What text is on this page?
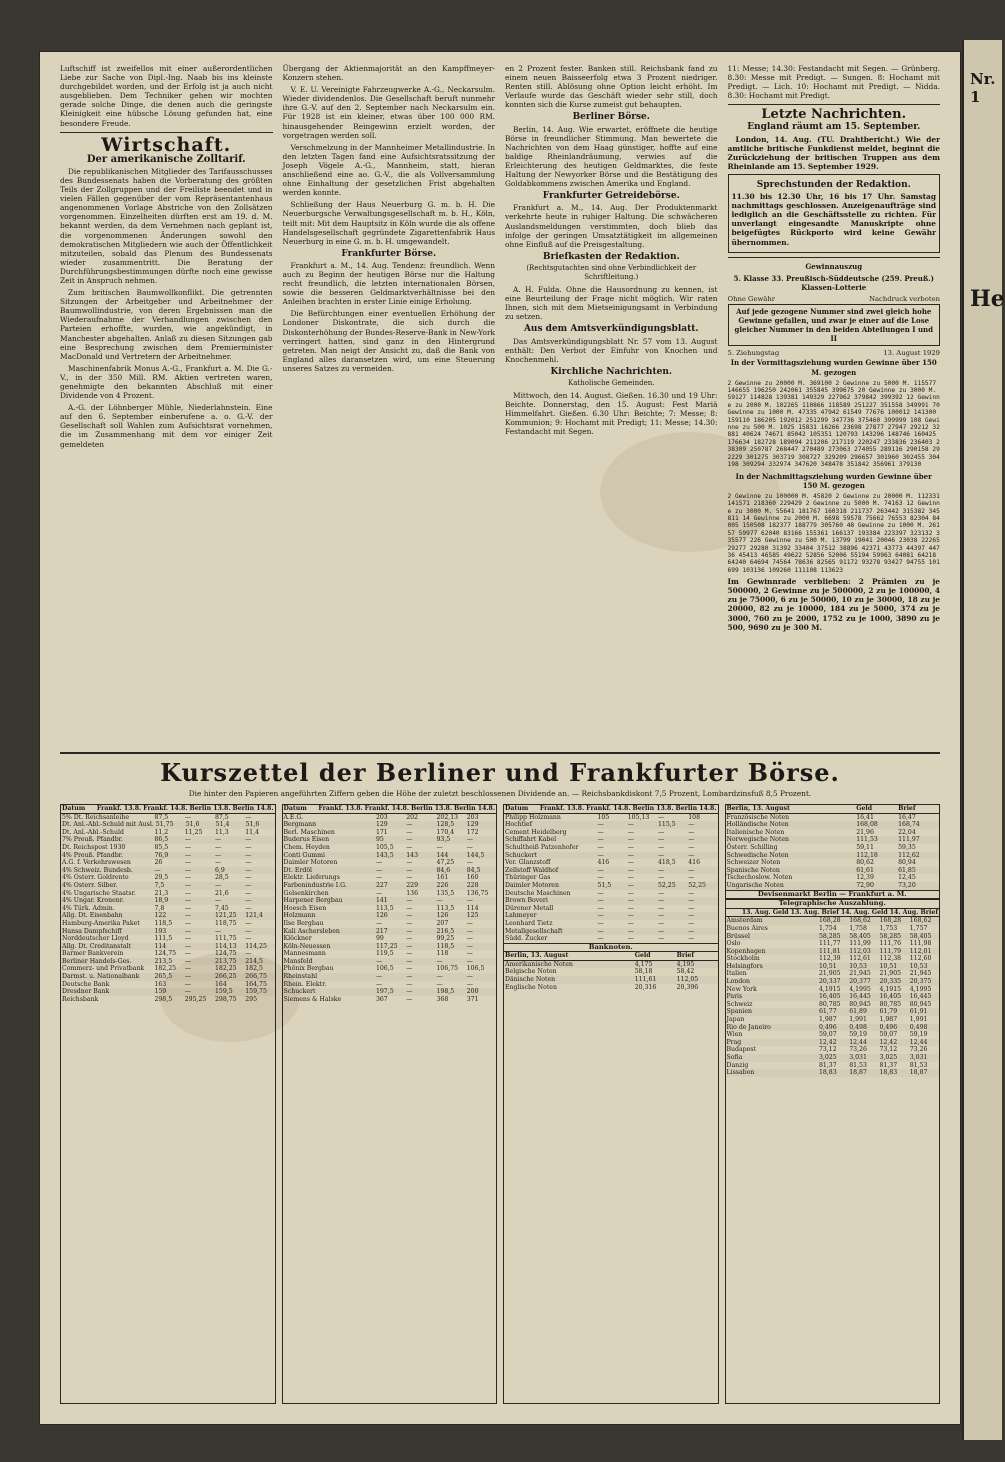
Luftschiff ist zweifellos mit einer außerordentlichen Liebe zur Sache von Dipl.-Ing. Naab bis ins kleinste durchgebildet worden, und der Erfolg ist ja auch nicht ausgeblieben. Dem Techniker gehen wir mochten gerade solche Dinge, die denen auch die geringste Kleinigkeit eine hübsche Lösung gefunden hat, eine besondere Freude.

Wirtschaft.
Der amerikanische Zolltarif.

Die republikanischen Mitglieder des Tarifausschusses des Bundessenats haben die Vorberatung des größten Teils der Zollgruppen und der Freiliste beendet und in vielen Fällen gegenüber der vom Repräsentantenhaus angenommenen Vorlage Abstriche von den Zollsätzen vorgenommen. Einzelheiten dürften erst am 19. d. M. bekannt werden, da dem Vernehmen nach geplant ist, die vorgenommenen Änderungen sowohl den demokratischen Mitgliedern wie auch der Öffentlichkeit mitzuteilen, sobald das Plenum des Bundessenats wieder zusammentritt. Die Beratung der Durchführungsbestimmungen dürfte noch eine gewisse Zeit in Anspruch nehmen.

Zum britischen Baumwollkonflikt. Die getrennten Sitzungen der Arbeitgeber und Arbeitnehmer der Baumwollindustrie, von deren Ergebnissen man die Wiederaufnahme der Verhandlungen zwischen den Parteien erhoffte, wurden, wie angekündigt, in Manchester abgehalten. Anlaß zu diesen Sitzungen gab eine Besprechung zwischen dem Premierminister MacDonald und Vertretern der Arbeitnehmer.

Maschinenfabrik Monus A.-G., Frankfurt a. M. Die G.-V., in der 350 Mill. RM. Aktien vertreten waren, genehmigte den bekannten Abschluß mit einer Dividende von 4 Prozent.

A.-G. der Löhnberger Mühle, Niederlahnstein. Eine auf den 6. September einberufene a. o. G.-V. der Gesellschaft soll Wahlen zum Aufsichtsrat vornehmen, die im Zusammenhang mit dem vor einiger Zeit gemeldeten

Übergang der Aktienmajorität an den Kampffmeyer-Konzern stehen.

V. E. U. Vereinigte Fahrzeugwerke A.-G., Neckarsulm. Wieder dividendenlos. Die Gesellschaft beruft nunmehr ihre G.-V. auf den 2. September nach Neckarsulm ein. Für 1928 ist ein kleiner, etwas über 100 000 RM. hinausgehender Reingewinn erzielt worden, der vorgetragen werden soll.

Verschmelzung in der Mannheimer Metallindustrie. In den letzten Tagen fand eine Aufsichtsratssitzung der Joseph Vögele A.-G., Mannheim, statt, hieran anschließend eine ao. G.-V., die als Vollversammlung ohne Einhaltung der gesetzlichen Frist abgehalten werden konnte.

Schließung der Haus Neuerburg G. m. b. H. Die Neuerburgsche Verwaltungsgesellschaft m. b. H., Köln, teilt mit: Mit dem Hauptsitz in Köln wurde die als offene Handelsgesellschaft gegründete Zigarettenfabrik Haus Neuerburg in eine G. m. b. H. umgewandelt.

Frankfurter Börse.

Frankfurt a. M., 14. Aug. Tendenz: freundlich. Wenn auch zu Beginn der heutigen Börse nur die Haltung recht freundlich, die letzten internationalen Börsen, sowie die besseren Geldmarktverhältnisse bei den Anleihen brachten in erster Linie einige Erholung.

Die Befürchtungen einer eventuellen Erhöhung der Londoner Diskontrate, die sich durch die Diskonterhöhung der Bundes-Reserve-Bank in New-York verringert hatten, sind ganz in den Hintergrund getreten. Man neigt der Ansicht zu, daß die Bank von England alles daransetzen wird, um eine Steuerung unseres Satzes zu vermeiden.

en 2 Prozent fester. Banken still. Reichsbank fand zu einem neuen Baisseerfolg etwa 3 Prozent niedriger. Renten still. Ablösung ohne Option leicht erhöht. Im Verlaufe wurde das Geschäft wieder sehr still, doch konnten sich die Kurse zumeist gut behaupten.

Berliner Börse.

Berlin, 14. Aug. Wie erwartet, eröffnete die heutige Börse in freundlicher Stimmung. Man bewertete die Nachrichten von dem Haag günstiger, hoffte auf eine baldige Rheinlandräumung, verwies auf die Erleichterung des heutigen Geldmarktes, die feste Haltung der Newyorker Börse und die Bestätigung des Goldabkommens zwischen Amerika und England.

Frankfurter Getreidebörse.

Frankfurt a. M., 14. Aug. Der Produktenmarkt verkehrte heute in ruhiger Haltung. Die schwächeren Auslandsmeldungen verstimmten, doch blieb das infolge der geringen Umsatztätigkeit im allgemeinen ohne Einfluß auf die Preisgestaltung.

Briefkasten der Redaktion.
(Rechtsgutachten sind ohne Verbindlichkeit der Schriftleitung.)

A. H. Fulda. Ohne die Hausordnung zu kennen, ist eine Beurteilung der Frage nicht möglich. Wir raten Ihnen, sich mit dem Mietseinigungsamt in Verbindung zu setzen.

Aus dem Amtsverkündigungsblatt.

Das Amtsverkündigungsblatt Nr. 57 vom 13. August enthält: Den Verbot der Einfuhr von Knochen und Knochenmehl.

Kirchliche Nachrichten.
Katholische Gemeinden.

Mittwoch, den 14. August. Gießen. 16.30 und 19 Uhr: Beichte. Donnerstag, den 15. August: Fest Mariä Himmelfahrt. Gießen. 6.30 Uhr: Beichte; 7: Messe; 8: Kommunion; 9: Hochamt mit Predigt; 11: Messe; 14.30: Festandacht mit Segen.

11: Messe; 14.30: Festandacht mit Segen. — Grünberg. 8.30: Messe mit Predigt. — Sungen. 8: Hochamt mit Predigt. — Lich. 10: Hochamt mit Predigt. — Nidda. 8.30: Hochamt mit Predigt.

Letzte Nachrichten.
England räumt am 15. September.

London, 14. Aug. (TU. Drahtbericht.) Wie der amtliche britische Funkdienst meldet, beginnt die Zurückziehung der britischen Truppen aus dem Rheinlande am 15. September 1929.

Sprechstunden der Redaktion.

11.30 bis 12.30 Uhr, 16 bis 17 Uhr. Samstag nachmittags geschlossen. Anzeigenaufträge sind lediglich an die Geschäftsstelle zu richten. Für unverlangt eingesandte Manuskripte ohne beigefügtes Rückporto wird keine Gewähr übernommen.

Gewinnauszug
5. Klasse 33. Preußisch-Süddeutsche (259. Preuß.) Klassen-Lotterie
Ohne Gewähr	Nachdruck verboten
Auf jede gezogene Nummer sind zwei gleich hohe Gewinne gefallen, und zwar je einer auf die Lose gleicher Nummer in den beiden Abteilungen I und II
5. Ziehungstag	13. August 1929
In der Vormittagsziehung wurden Gewinne über 150 M. gezogen
2 Gewinne zu 20000 M. 369100 2 Gewinne zu 5000 M. 115577 146655 196250 242061 355845 399675 20 Gewinne zu 3000 M. 59127 114828 139381 149329 227962 379842 399392 12 Gewinne zu 2000 M. 102265 110866 118589 251227 351558 349991 70 Gewinne zu 1000 M. 47335 47942 61549 77676 100012 141300 159110 186205 192012 251299 347736 375460 399999 108 Gewinne zu 500 M. 1025 15831 16266 23698 27877 27947 29212 32881 40624 74671 85042 105351 120793 143296 148746 160425 176634 182728 189094 211206 217119 220247 233836 236403 238309 250787 268447 270489 273063 274055 289116 290158 292229 301275 303719 308727 329209 296657 301960 302455 304198 309294 332974 347620 348478 351842 356961 379130
In der Nachmittagsziehung wurden Gewinne über 150 M. gezogen
2 Gewinne zu 100000 M. 45820 2 Gewinne zu 20000 M. 112331 141571 218360 229429 2 Gewinne zu 5000 M. 74163 12 Gewinne zu 3000 M. 55641 181767 160318 211737 263442 315382 345811 14 Gewinne zu 2000 M. 6698 59578 75662 76553 82304 84005 150508 182377 188779 305760 48 Gewinne zu 1000 M. 26157 59977 62040 83166 155361 166137 193384 223397 323132 335577 226 Gewinne zu 500 M. 13799 19041 20046 23038 22265 29277 29280 31392 33404 37512 38896 42371 43773 44397 44736 45413 46585 49622 52856 52006 55194 59963 64081 64218 64240 64694 74564 78636 82565 91172 93278 93427 94755 101699 103136 109260 111108 113623

Im Gewinnrade verblieben: 2 Prämien zu je 500000, 2 Gewinne zu je 500000, 2 zu je 100000, 4 zu je 75000, 6 zu je 50000, 10 zu je 30000, 18 zu je 20000, 82 zu je 10000, 184 zu je 5000, 374 zu je 3000, 760 zu je 2000, 1752 zu je 1000, 3890 zu je 500, 9690 zu je 300 M.

Kurszettel der Berliner und Frankfurter Börse.
Die hinter den Papieren angeführten Ziffern geben die Höhe der zuletzt beschlossenen Dividende an. — Reichsbankdiskont 7,5 Prozent, Lombardzinsfuß 8,5 Prozent.
Datum	Frankf. 13.8. Frankf. 14.8. Berlin 13.8. Berlin 14.8.
5% Dt. Reichsanleihe	87,5	—	87,5	—
Dt. Anl.-Abl.-Schuld mit Ausl. 51,75	51,6	51,4	51,6
Dt. Anl.-Abl.-Schuld	11,2	11,25	11,3	11,4
7% Preuß. Pfandbr.	86,5	—	—	—
Dt. Reichspost 1930	85,5	—	—	—
4% Preuß. Pfandbr.	76,9	—	—	—
A.G. f. Verkehrswesen	26	—	—	—
4% Schweiz. Bundesb.	—	—	6,9	—
4% Osterr. Goldrente	29,5	—	28,5	—
4% Osterr. Silber.	7,5	—	—	—
4% Ungarische Staatsr.	21,3	—	21,6	—
4% Ungar. Kronenr.	18,9	—	—	—
4% Türk. Admin.	7,8	—	7,45	—
Allg. Dt. Eisenbahn	122	—	121,25	121,4
Hamburg-Amerika Paket	118,5	—	118,75	—
Hansa Dampfschiff	193	—	—	—
Norddeutscher Lloyd	111,5	—	111,75	—
Allg. Dt. Creditanstalt	114	—	114,13	114,25
Barmer Bankverein	124,75	—	124,75	—
Berliner Handels-Ges.	213,5	—	213,75	214,5
Commerz- und Privatbank	182,25	—	182,25	182,5
Darmst. u. Nationalbank	265,5	—	266,25	266,75
Deutsche Bank	163	—	164	164,75
Dresdner Bank	159	—	159,5	159,75
Reichsbank	298,5	295,25	298,75	295
Datum	Frankf. 13.8. Frankf. 14.8. Berlin 13.8. Berlin 14.8.
A.E.G.	203	202	202,13	203
Bergmann	129	—	128,5	129
Berl. Maschinen	171	—	170,4	172
Buderus Eisen	95	—	93,5	—
Chem. Heyden	105,5	—	—	—
Conti Gummi	143,5	143	144	144,5
Daimler Motoren	—	—	47,25	—
Dt. Erdöl	—	—	84,6	84,5
Elektr. Lieferungs	—	—	161	160
Farbenindustrie I.G.	227	229	226	228
Gelsenkirchen	—	136	135,5	136,75
Harpener Bergbau	141	—	—	—
Hoesch Eisen	113,5	—	113,5	114
Holzmann	126	—	126	125
Ilse Bergbau	—	—	207	—
Kali Aschersleben	217	—	216,5	—
Klöckner	99	—	99,25	—
Köln-Neuessen	117,25	—	118,5	—
Mannesmann	119,5	—	118	—
Mansfeld	—	—	—	—
Phönix Bergbau	106,5	—	106,75	106,5
Rheinstahl	—	—	—	—
Rhein. Elektr.	—	—	—	—
Schuckert	197,5	—	198,5	200
Siemens & Halske	367	—	368	371
Datum	Frankf. 13.8. Frankf. 14.8. Berlin 13.8. Berlin 14.8.
Philipp Holzmann	105	105,13	—	108
Hochtief	—	—	115,5	—
Cement Heidelberg	—	—	—	—
Schiffahrt Kabel	—	—	—	—
Schultheiß Patzenhofer	—	—	—	—
Schuckert	—	—	—	—
Ver. Glanzstoff	416	—	418,5	416
Zellstoff Waldhof	—	—	—	—
Thüringer Gas	—	—	—	—
Daimler Motoren	51,5	—	52,25	52,25
Deutsche Maschinen	—	—	—	—
Brown Boveri	—	—	—	—
Dürener Metall	—	—	—	—
Lahmeyer	—	—	—	—
Leonhard Tietz	—	—	—	—
Metallgesellschaft	—	—	—	—
Südd. Zucker	—	—	—	—
Banknoten.
Berlin, 13. August	Geld	Brief
Amerikanische Noten	4,175	4,195
Belgische Noten	58,18	58,42
Dänische Noten	111,61	112,05
Englische Noten	20,316	20,396
Berlin, 13. August	Geld	Brief
Französische Noten	16,41	16,47
Holländische Noten	168,08	168,74
Italienische Noten	21,96	22,04
Norwegische Noten	111,53	111,97
Österr. Schilling	59,11	59,35
Schwedische Noten	112,18	112,62
Schweizer Noten	80,62	80,94
Spanische Noten	61,61	61,85
Tschechoslow. Noten	12,39	12,45
Ungarische Noten	72,90	73,20
Devisenmarkt Berlin — Frankfurt a. M.
Telegraphische Auszahlung.
13. Aug. Geld 13. Aug. Brief 14. Aug. Geld 14. Aug. Brief
Amsterdam	168,28	168,62	168,28	168,62
Buenos Aires	1,754	1,758	1,753	1,757
Brüssel	58,285	58,405	58,285	58,405
Oslo	111,77	111,99	111,76	111,98
Kopenhagen	111,81	112,03	111,79	112,01
Stockholm	112,39	112,61	112,38	112,60
Helsingfors	10,51	10,53	10,51	10,53
Italien	21,905	21,945	21,905	21,945
London	20,337	20,377	20,335	20,375
New York	4,1915	4,1995	4,1915	4,1995
Paris	16,405	16,445	16,405	16,445
Schweiz	80,785	80,945	80,785	80,945
Spanien	61,77	61,89	61,79	61,91
Japan	1,987	1,991	1,987	1,991
Rio de Janeiro	0,496	0,498	0,496	0,498
Wien	59,07	59,19	59,07	59,19
Prag	12,42	12,44	12,42	12,44
Budapest	73,12	73,26	73,12	73,26
Sofia	3,025	3,031	3,025	3,031
Danzig	81,37	81,53	81,37	81,53
Lissabon	18,83	18,87	18,83	18,87
Nr. 1
He
